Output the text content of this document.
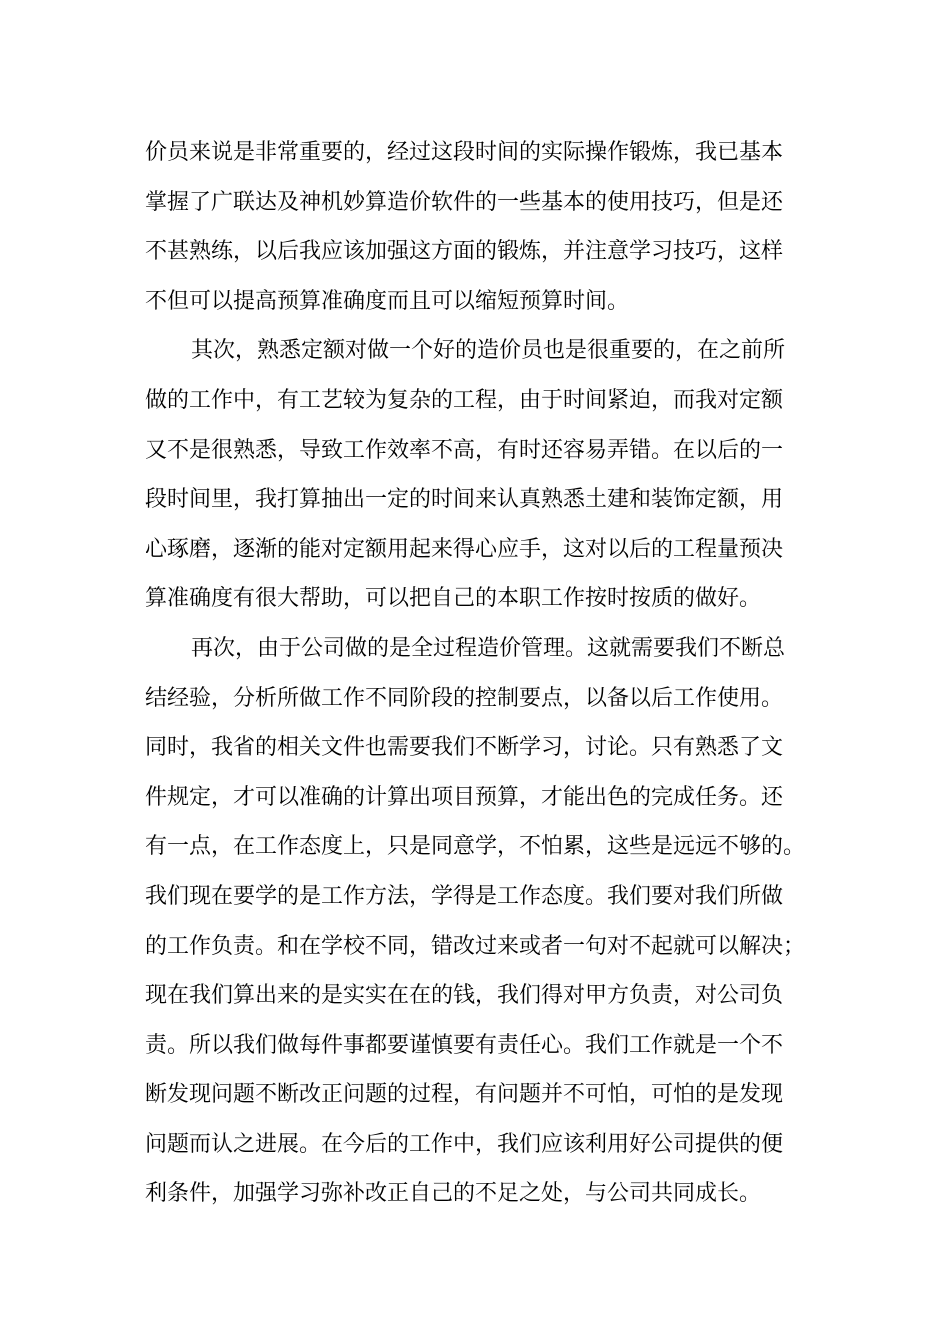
价员来说是非常重要的，经过这段时间的实际操作锻炼，我已基本
掌握了广联达及神机妙算造价软件的一些基本的使用技巧，但是还
不甚熟练，以后我应该加强这方面的锻炼，并注意学习技巧，这样
不但可以提高预算准确度而且可以缩短预算时间。
其次，熟悉定额对做一个好的造价员也是很重要的，在之前所
做的工作中，有工艺较为复杂的工程，由于时间紧迫，而我对定额
又不是很熟悉，导致工作效率不高，有时还容易弄错。在以后的一
段时间里，我打算抽出一定的时间来认真熟悉土建和装饰定额，用
心琢磨，逐渐的能对定额用起来得心应手，这对以后的工程量预决
算准确度有很大帮助，可以把自己的本职工作按时按质的做好。
再次，由于公司做的是全过程造价管理。这就需要我们不断总
结经验，分析所做工作不同阶段的控制要点，以备以后工作使用。
同时，我省的相关文件也需要我们不断学习，讨论。只有熟悉了文
件规定，才可以准确的计算出项目预算，才能出色的完成任务。还
有一点，在工作态度上，只是同意学，不怕累，这些是远远不够的。
我们现在要学的是工作方法，学得是工作态度。我们要对我们所做
的工作负责。和在学校不同，错改过来或者一句对不起就可以解决；
现在我们算出来的是实实在在的钱，我们得对甲方负责，对公司负
责。所以我们做每件事都要谨慎要有责任心。我们工作就是一个不
断发现问题不断改正问题的过程，有问题并不可怕，可怕的是发现
问题而认之进展。在今后的工作中，我们应该利用好公司提供的便
利条件，加强学习弥补改正自己的不足之处，与公司共同成长。
